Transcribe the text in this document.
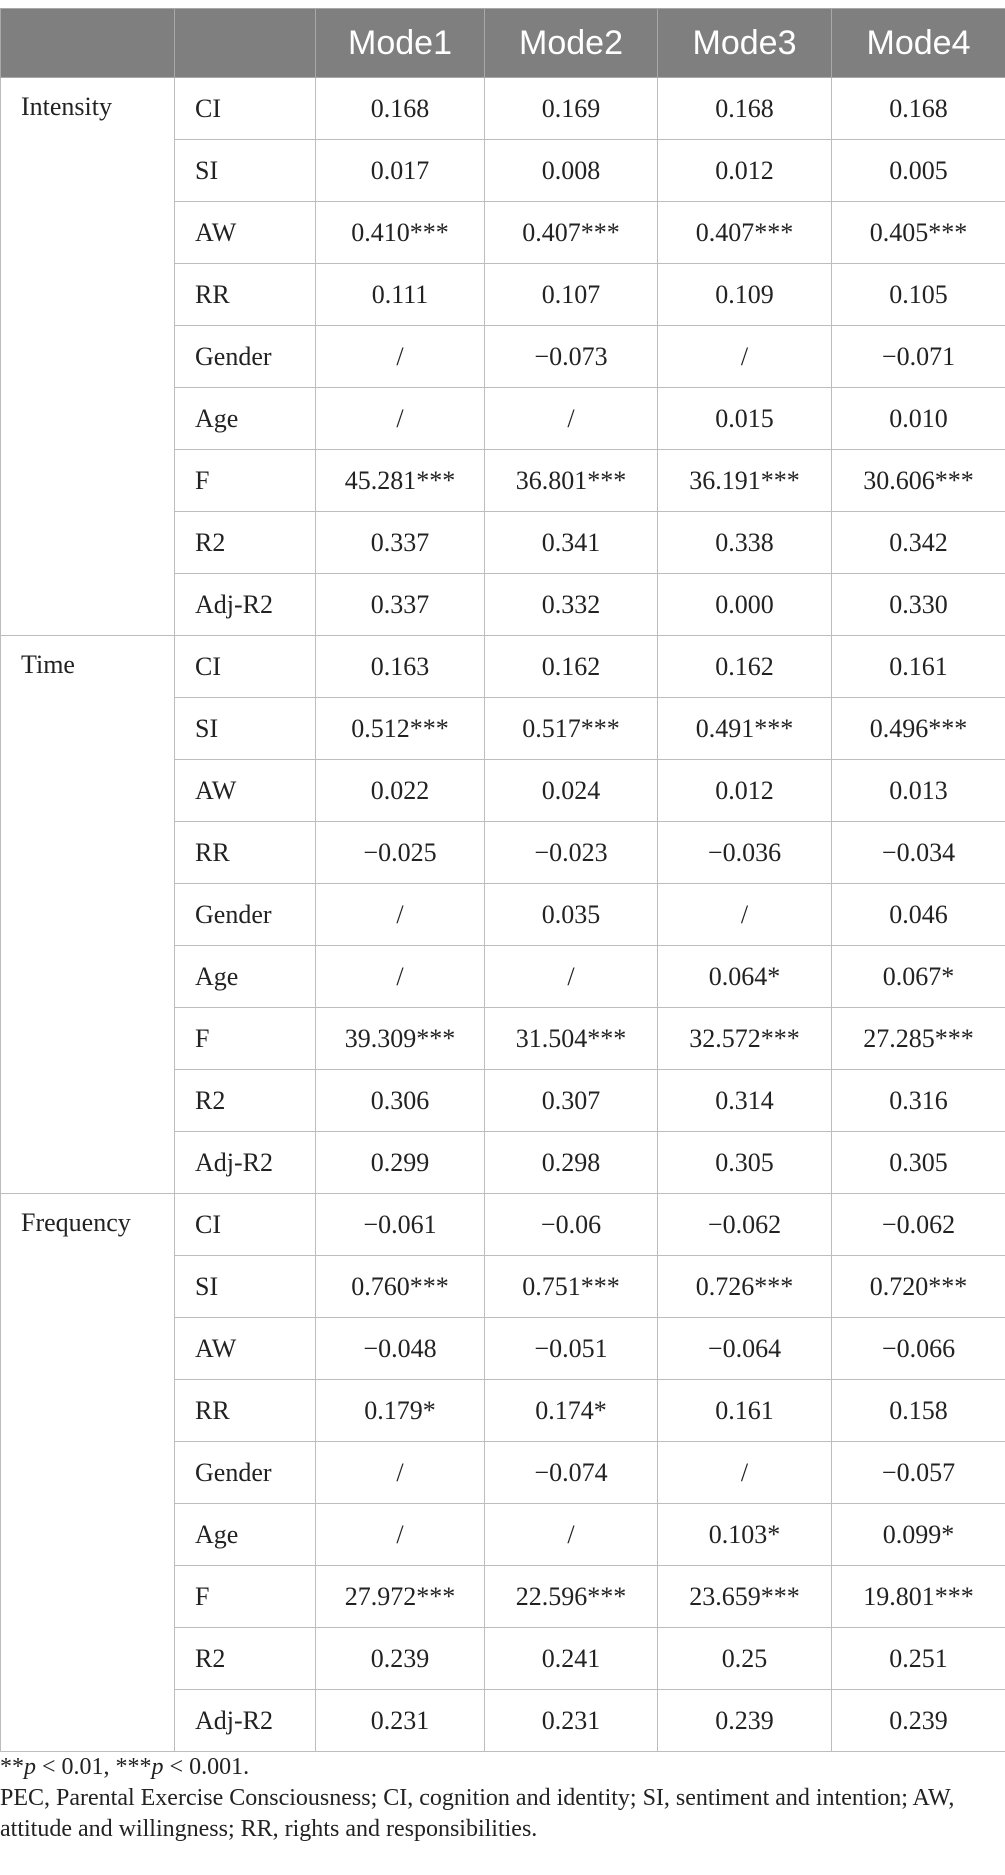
		Mode1	Mode2	Mode3	Mode4
Intensity	CI	0.168	0.169	0.168	0.168
	SI	0.017	0.008	0.012	0.005
	AW	0.410***	0.407***	0.407***	0.405***
	RR	0.111	0.107	0.109	0.105
	Gender	/	−0.073	/	−0.071
	Age	/	/	0.015	0.010
	F	45.281***	36.801***	36.191***	30.606***
	R2	0.337	0.341	0.338	0.342
	Adj-R2	0.337	0.332	0.000	0.330
Time	CI	0.163	0.162	0.162	0.161
	SI	0.512***	0.517***	0.491***	0.496***
	AW	0.022	0.024	0.012	0.013
	RR	−0.025	−0.023	−0.036	−0.034
	Gender	/	0.035	/	0.046
	Age	/	/	0.064*	0.067*
	F	39.309***	31.504***	32.572***	27.285***
	R2	0.306	0.307	0.314	0.316
	Adj-R2	0.299	0.298	0.305	0.305
Frequency	CI	−0.061	−0.06	−0.062	−0.062
	SI	0.760***	0.751***	0.726***	0.720***
	AW	−0.048	−0.051	−0.064	−0.066
	RR	0.179*	0.174*	0.161	0.158
	Gender	/	−0.074	/	−0.057
	Age	/	/	0.103*	0.099*
	F	27.972***	22.596***	23.659***	19.801***
	R2	0.239	0.241	0.25	0.251
	Adj-R2	0.231	0.231	0.239	0.239

**p < 0.01, ***p < 0.001.

PEC, Parental Exercise Consciousness; CI, cognition and identity; SI, sentiment and intention; AW, attitude and willingness; RR, rights and responsibilities.
